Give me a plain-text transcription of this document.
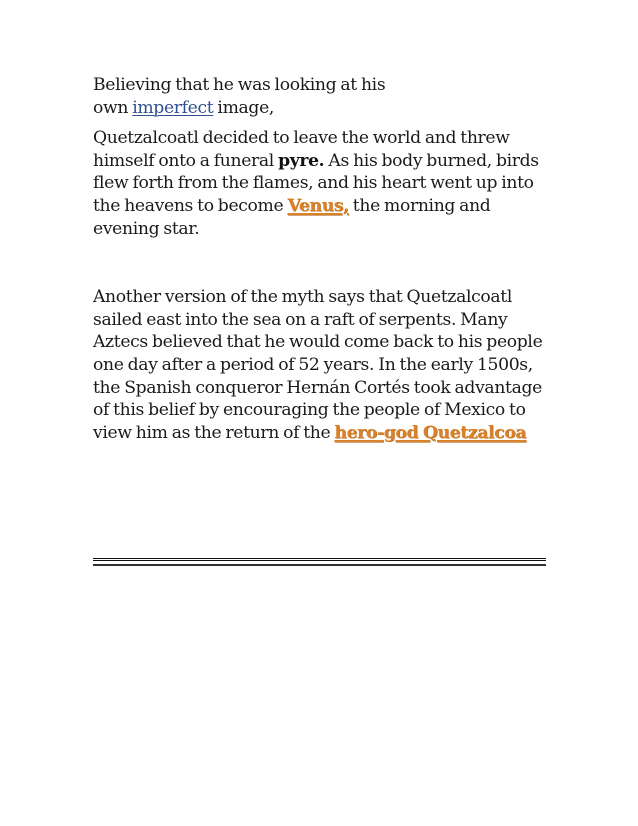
Believing that he was looking at his
own imperfect image,

Quetzalcoatl decided to leave the world and threw himself onto a funeral pyre. As his body burned, birds flew forth from the flames, and his heart went up into the heavens to become Venus, the morning and evening star.

Another version of the myth says that Quetzalcoatl sailed east into the sea on a raft of serpents. Many Aztecs believed that he would come back to his people one day after a period of 52 years. In the early 1500s, the Spanish conqueror Hernán Cortés took advantage of this belief by encouraging the people of Mexico to view him as the return of the hero-god Quetzalcoa
